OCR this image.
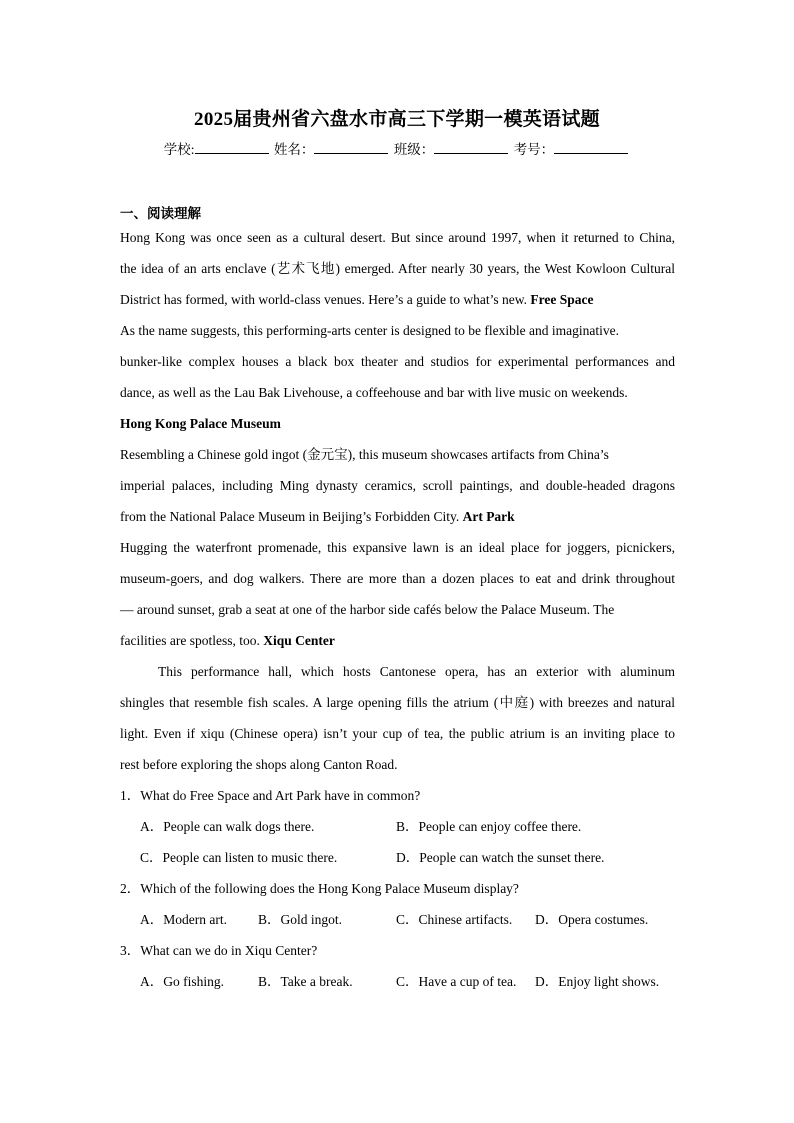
2025届贵州省六盘水市高三下学期一模英语试题
学校:	姓名：	班级：	考号：
一、阅读理解
Hong Kong was once seen as a cultural desert. But since around 1997, when it returned to China,
the idea of an arts enclave (艺术飞地) emerged. After nearly 30 years, the West Kowloon Cultural
District has formed, with world-class venues. Here’s a guide to what’s new. Free Space
As the name suggests, this performing-arts center is designed to be flexible and imaginative.
bunker-like complex houses a black box theater and studios for experimental performances and
dance, as well as the Lau Bak Livehouse, a coffeehouse and bar with live music on weekends.
Hong Kong Palace Museum
Resembling a Chinese gold ingot (金元宝), this museum showcases artifacts from China’s
imperial palaces, including Ming dynasty ceramics, scroll paintings, and double-headed dragons
from the National Palace Museum in Beijing’s Forbidden City. Art Park
Hugging the waterfront promenade, this expansive lawn is an ideal place for joggers, picnickers,
museum-goers, and dog walkers. There are more than a dozen places to eat and drink throughout
— around sunset, grab a seat at one of the harbor side cafés below the Palace Museum. The
facilities are spotless, too. Xiqu Center
This performance hall, which hosts Cantonese opera, has an exterior with aluminum
shingles that resemble fish scales. A large opening fills the atrium (中庭) with breezes and natural
light. Even if xiqu (Chinese opera) isn’t your cup of tea, the public atrium is an inviting place to
rest before exploring the shops along Canton Road.
1．What do Free Space and Art Park have in common?
A．People can walk dogs there.	B．People can enjoy coffee there.
C．People can listen to music there.	D．People can watch the sunset there.
2．Which of the following does the Hong Kong Palace Museum display?
A．Modern art. B．Gold ingot.	C．Chinese artifacts. D．Opera costumes.
3．What can we do in Xiqu Center?
A．Go fishing.	B．Take a break.	C．Have a cup of tea. D．Enjoy light shows.
